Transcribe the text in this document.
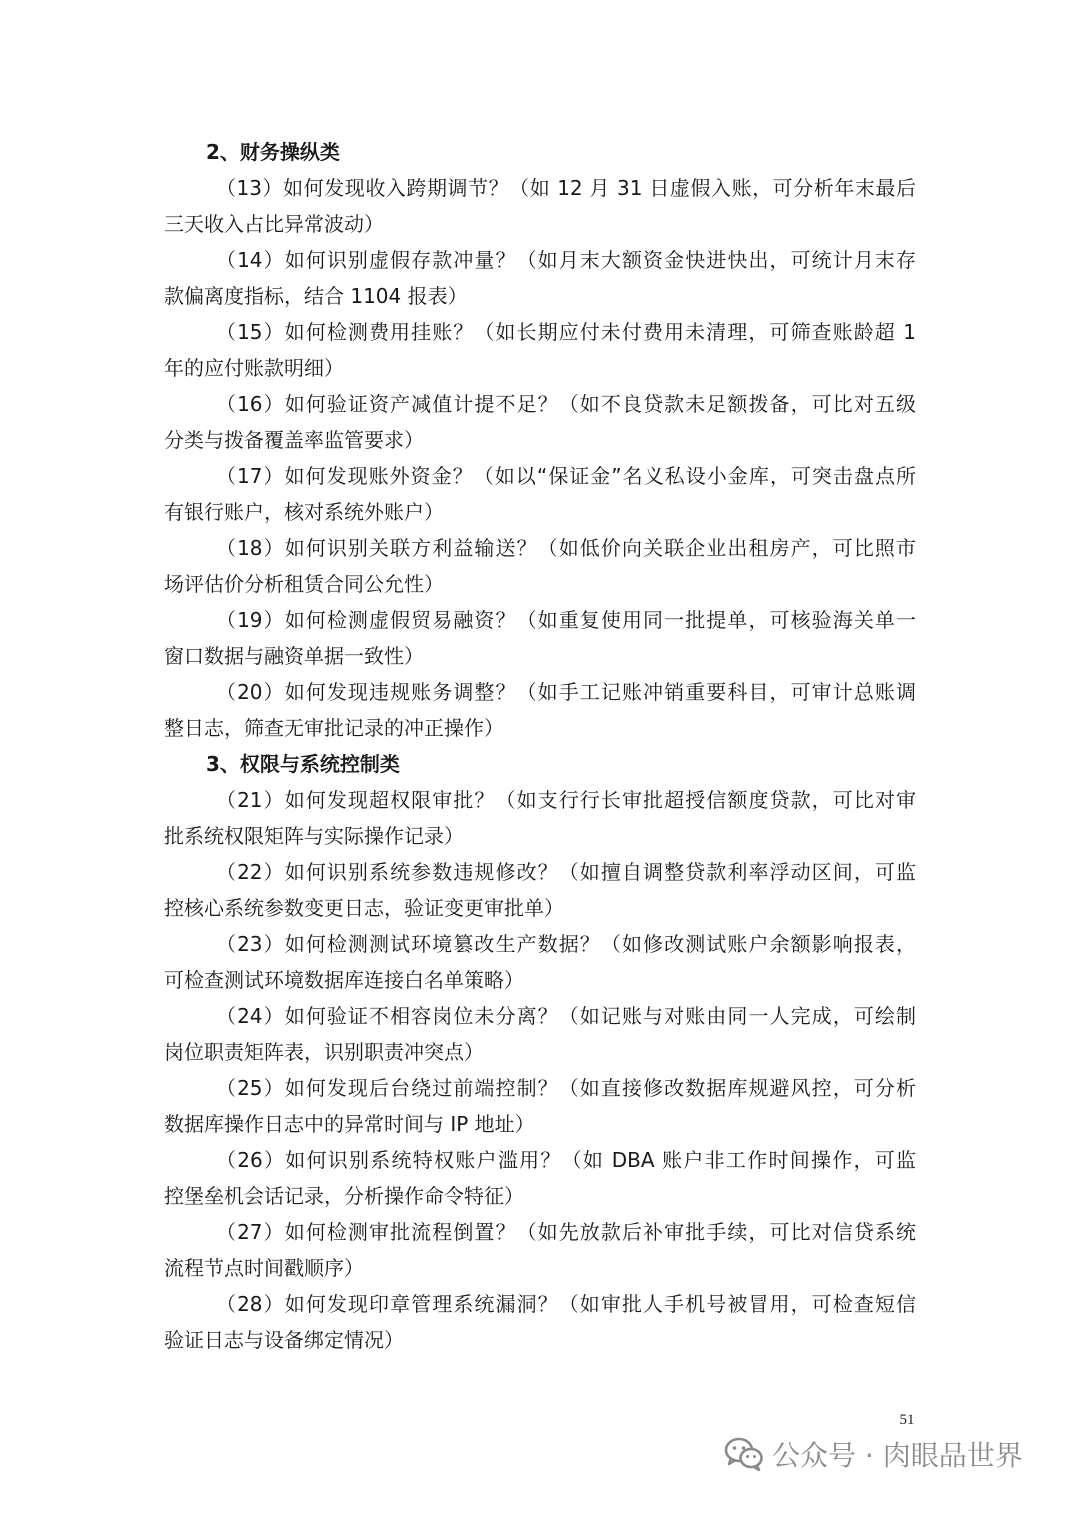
2、财务操纵类
（13）如何发现收入跨期调节？（如 12 月 31 日虚假入账，可分析年末最后
三天收入占比异常波动）
（14）如何识别虚假存款冲量？（如月末大额资金快进快出，可统计月末存
款偏离度指标，结合 1104 报表）
（15）如何检测费用挂账？（如长期应付未付费用未清理，可筛查账龄超 1
年的应付账款明细）
（16）如何验证资产减值计提不足？（如不良贷款未足额拨备，可比对五级
分类与拨备覆盖率监管要求）
（17）如何发现账外资金？（如以“保证金”名义私设小金库，可突击盘点所
有银行账户，核对系统外账户）
（18）如何识别关联方利益输送？（如低价向关联企业出租房产，可比照市
场评估价分析租赁合同公允性）
（19）如何检测虚假贸易融资？（如重复使用同一批提单，可核验海关单一
窗口数据与融资单据一致性）
（20）如何发现违规账务调整？（如手工记账冲销重要科目，可审计总账调
整日志，筛查无审批记录的冲正操作）
3、权限与系统控制类
（21）如何发现超权限审批？（如支行行长审批超授信额度贷款，可比对审
批系统权限矩阵与实际操作记录）
（22）如何识别系统参数违规修改？（如擅自调整贷款利率浮动区间，可监
控核心系统参数变更日志，验证变更审批单）
（23）如何检测测试环境篡改生产数据？（如修改测试账户余额影响报表，
可检查测试环境数据库连接白名单策略）
（24）如何验证不相容岗位未分离？（如记账与对账由同一人完成，可绘制
岗位职责矩阵表，识别职责冲突点）
（25）如何发现后台绕过前端控制？（如直接修改数据库规避风控，可分析
数据库操作日志中的异常时间与 IP 地址）
（26）如何识别系统特权账户滥用？（如 DBA 账户非工作时间操作，可监
控堡垒机会话记录，分析操作命令特征）
（27）如何检测审批流程倒置？（如先放款后补审批手续，可比对信贷系统
流程节点时间戳顺序）
（28）如何发现印章管理系统漏洞？（如审批人手机号被冒用，可检查短信
验证日志与设备绑定情况）
51
公众号 · 肉眼品世界
